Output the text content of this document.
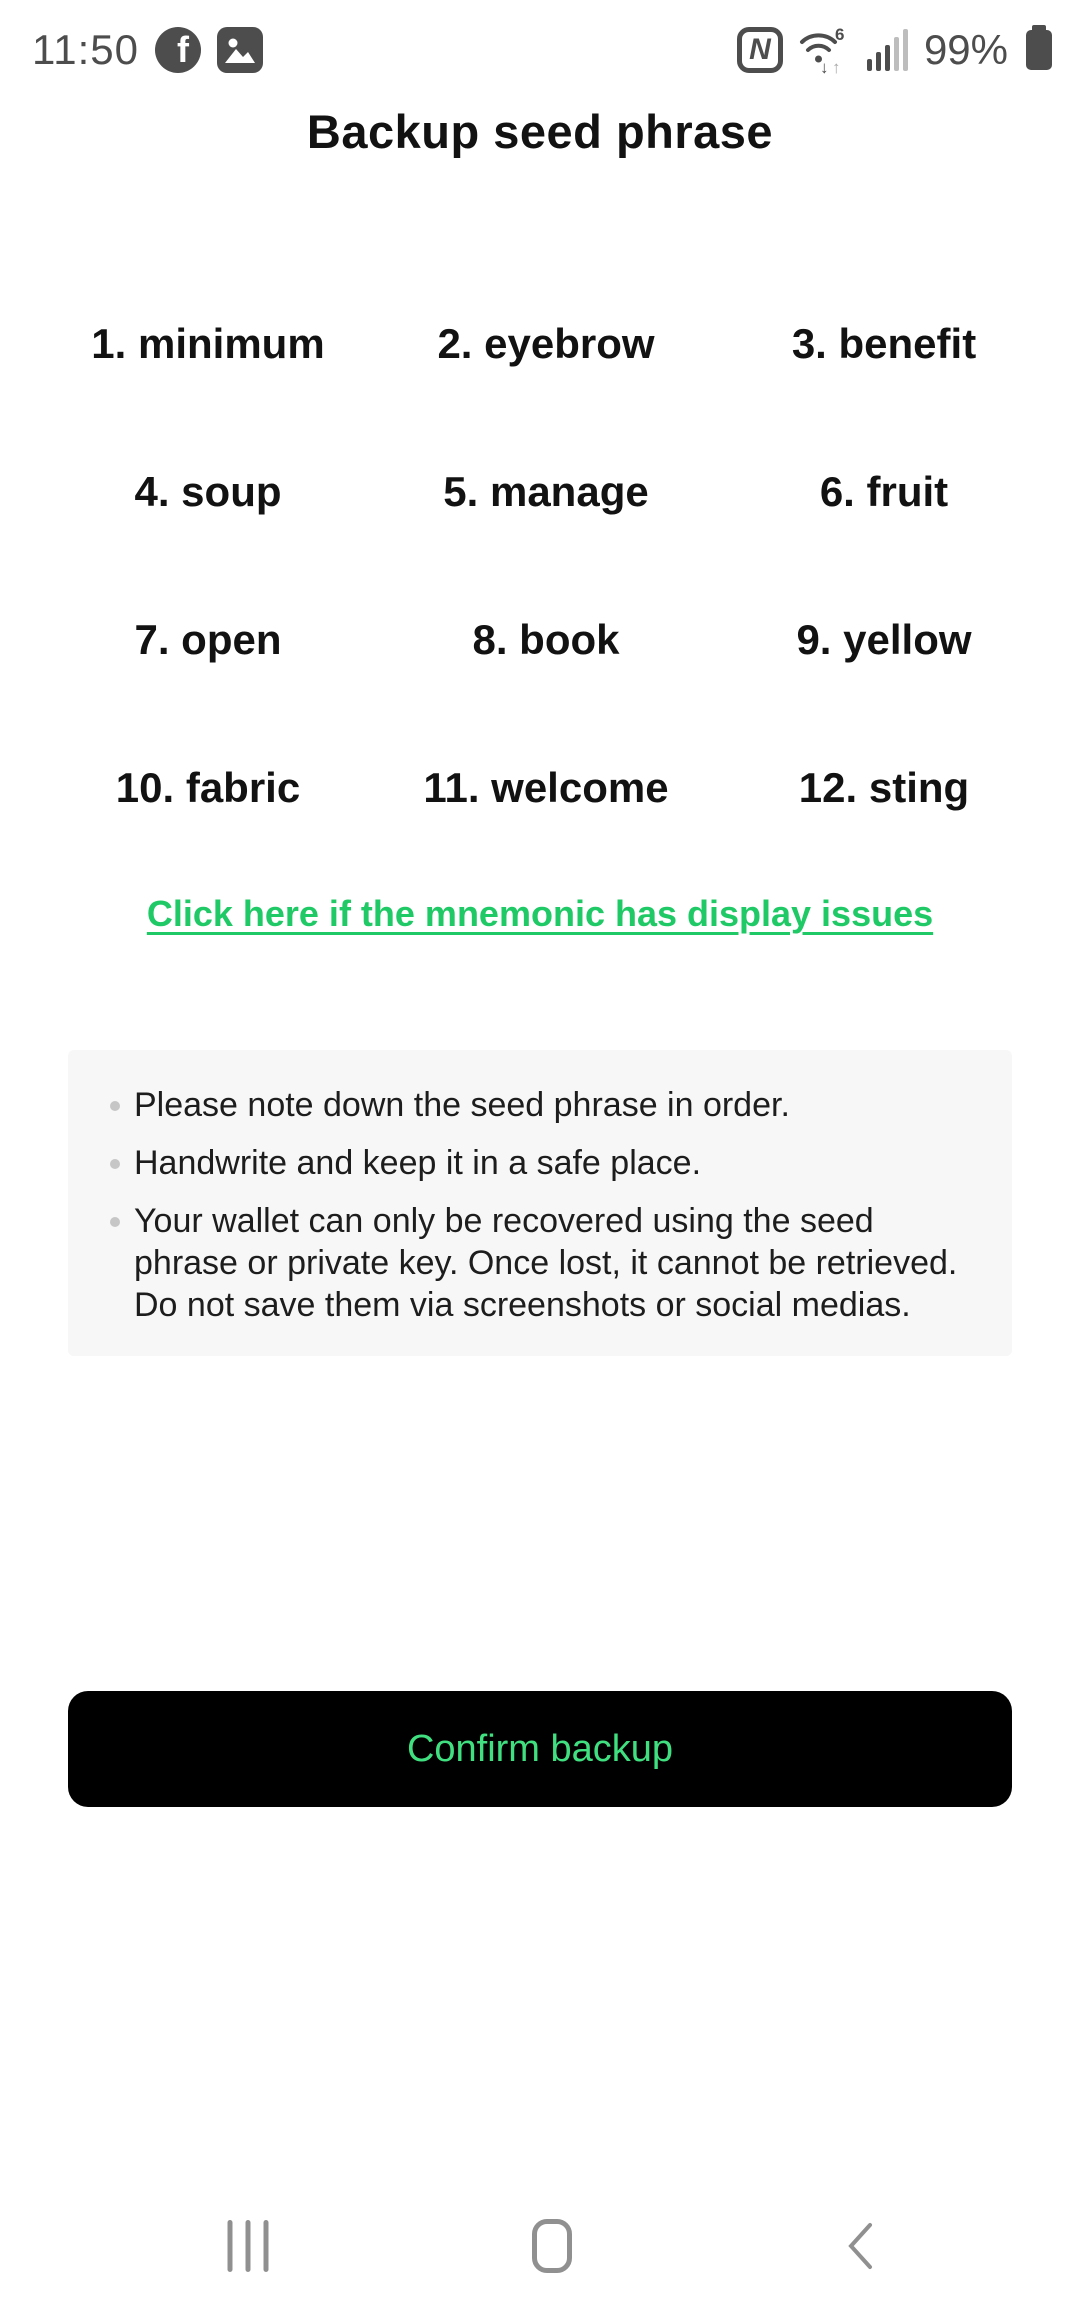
11:50	f	N	6
↓ ↑ 99%
Backup seed phrase
1. minimum	2. eyebrow	3. benefit
4. soup	5. manage	6. fruit
7. open	8. book	9. yellow
10. fabric	11. welcome	12. sting
Click here if the mnemonic has display issues
Please note down the seed phrase in order.
Handwrite and keep it in a safe place.
Your wallet can only be recovered using the seed phrase or private key. Once lost, it cannot be retrieved. Do not save them via screenshots or social medias.
Confirm backup
